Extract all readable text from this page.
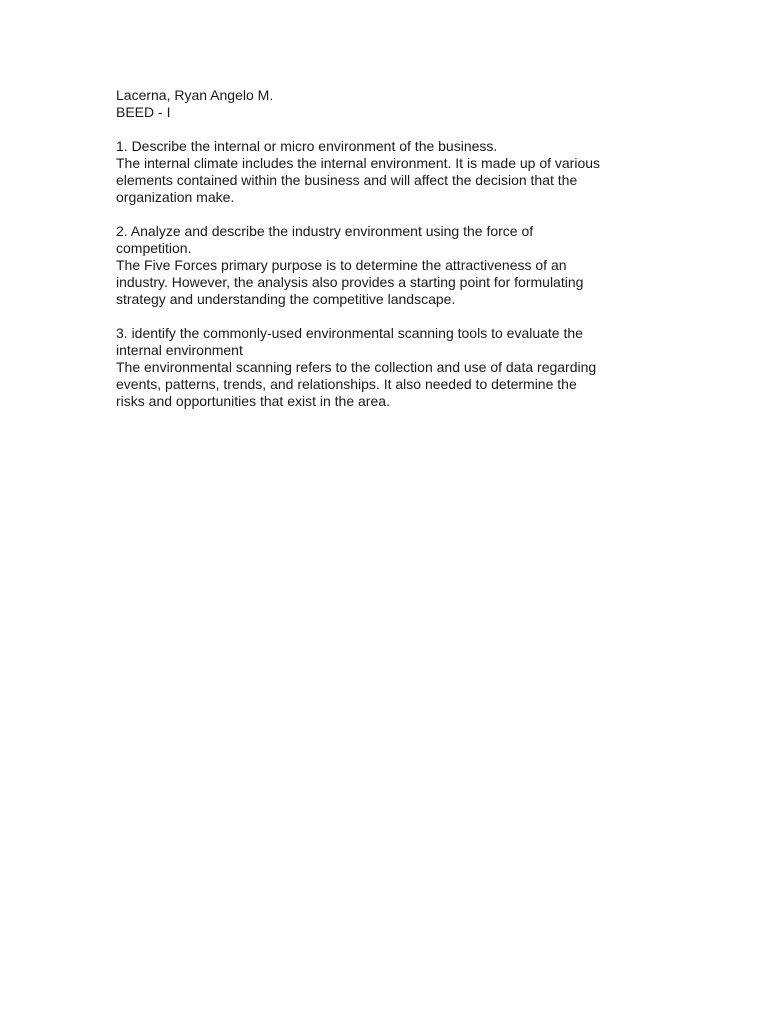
Lacerna, Ryan Angelo M.
BEED - I
1. Describe the internal or micro environment of the business.
The internal climate includes the internal environment. It is made up of various
elements contained within the business and will affect the decision that the
organization make.
2. Analyze and describe the industry environment using the force of
competition.
The Five Forces primary purpose is to determine the attractiveness of an
industry. However, the analysis also provides a starting point for formulating
strategy and understanding the competitive landscape.
3. identify the commonly-used environmental scanning tools to evaluate the
internal environment
The environmental scanning refers to the collection and use of data regarding
events, patterns, trends, and relationships. It also needed to determine the
risks and opportunities that exist in the area.
